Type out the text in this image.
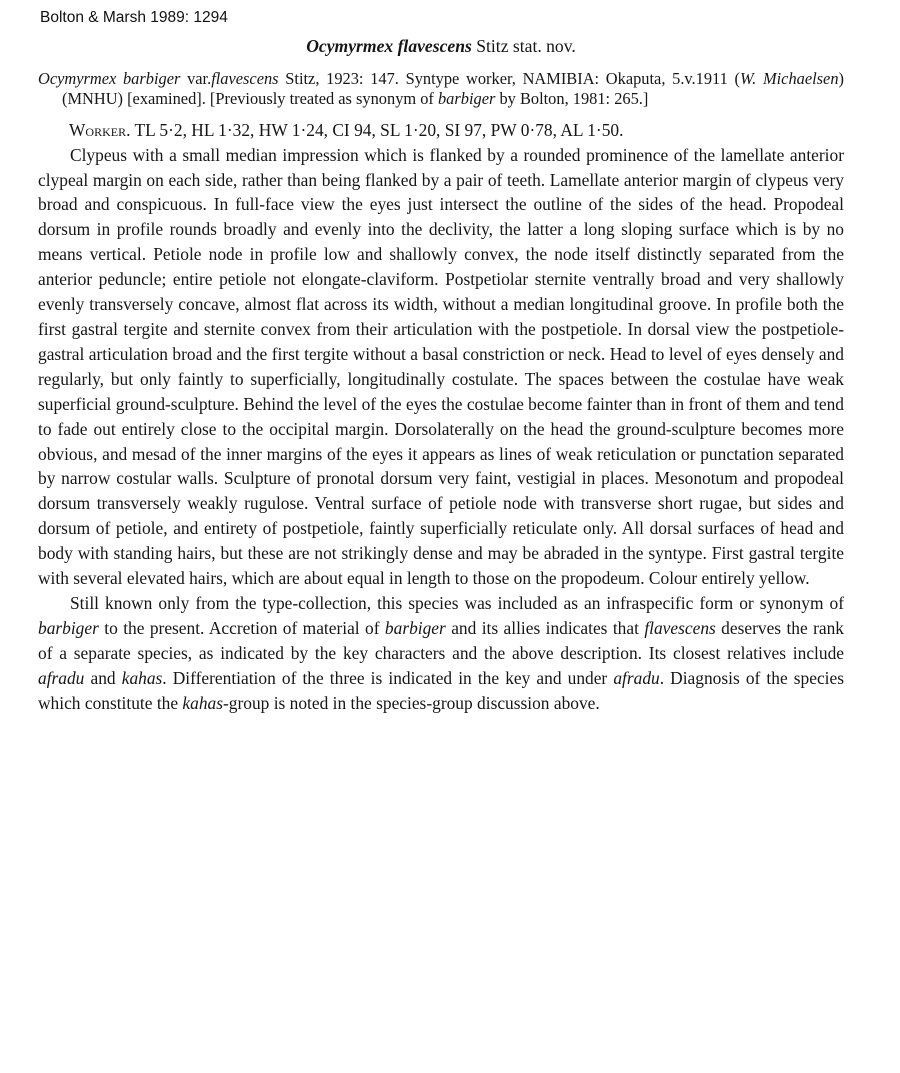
Bolton & Marsh 1989: 1294
Ocymyrmex flavescens Stitz stat. nov.

Ocymyrmex barbiger var.flavescens Stitz, 1923: 147. Syntype worker, NAMIBIA: Okaputa, 5.v.1911 (W. Michaelsen) (MNHU) [examined]. [Previously treated as synonym of barbiger by Bolton, 1981: 265.]

Worker. TL 5·2, HL 1·32, HW 1·24, CI 94, SL 1·20, SI 97, PW 0·78, AL 1·50.

Clypeus with a small median impression which is flanked by a rounded prominence of the lamellate anterior clypeal margin on each side, rather than being flanked by a pair of teeth. Lamellate anterior margin of clypeus very broad and conspicuous. In full-face view the eyes just intersect the outline of the sides of the head. Propodeal dorsum in profile rounds broadly and evenly into the declivity, the latter a long sloping surface which is by no means vertical. Petiole node in profile low and shallowly convex, the node itself distinctly separated from the anterior peduncle; entire petiole not elongate-claviform. Postpetiolar sternite ventrally broad and very shallowly evenly transversely concave, almost flat across its width, without a median longitudinal groove. In profile both the first gastral tergite and sternite convex from their articulation with the postpetiole. In dorsal view the postpetiole-gastral articulation broad and the first tergite without a basal constriction or neck. Head to level of eyes densely and regularly, but only faintly to superficially, longitudinally costulate. The spaces between the costulae have weak superficial ground-sculpture. Behind the level of the eyes the costulae become fainter than in front of them and tend to fade out entirely close to the occipital margin. Dorsolaterally on the head the ground-sculpture becomes more obvious, and mesad of the inner margins of the eyes it appears as lines of weak reticulation or punctation separated by narrow costular walls. Sculpture of pronotal dorsum very faint, vestigial in places. Mesonotum and propodeal dorsum transversely weakly rugulose. Ventral surface of petiole node with transverse short rugae, but sides and dorsum of petiole, and entirety of postpetiole, faintly superficially reticulate only. All dorsal surfaces of head and body with standing hairs, but these are not strikingly dense and may be abraded in the syntype. First gastral tergite with several elevated hairs, which are about equal in length to those on the propodeum. Colour entirely yellow.

Still known only from the type-collection, this species was included as an infraspecific form or synonym of barbiger to the present. Accretion of material of barbiger and its allies indicates that flavescens deserves the rank of a separate species, as indicated by the key characters and the above description. Its closest relatives include afradu and kahas. Differentiation of the three is indicated in the key and under afradu. Diagnosis of the species which constitute the kahas-group is noted in the species-group discussion above.
